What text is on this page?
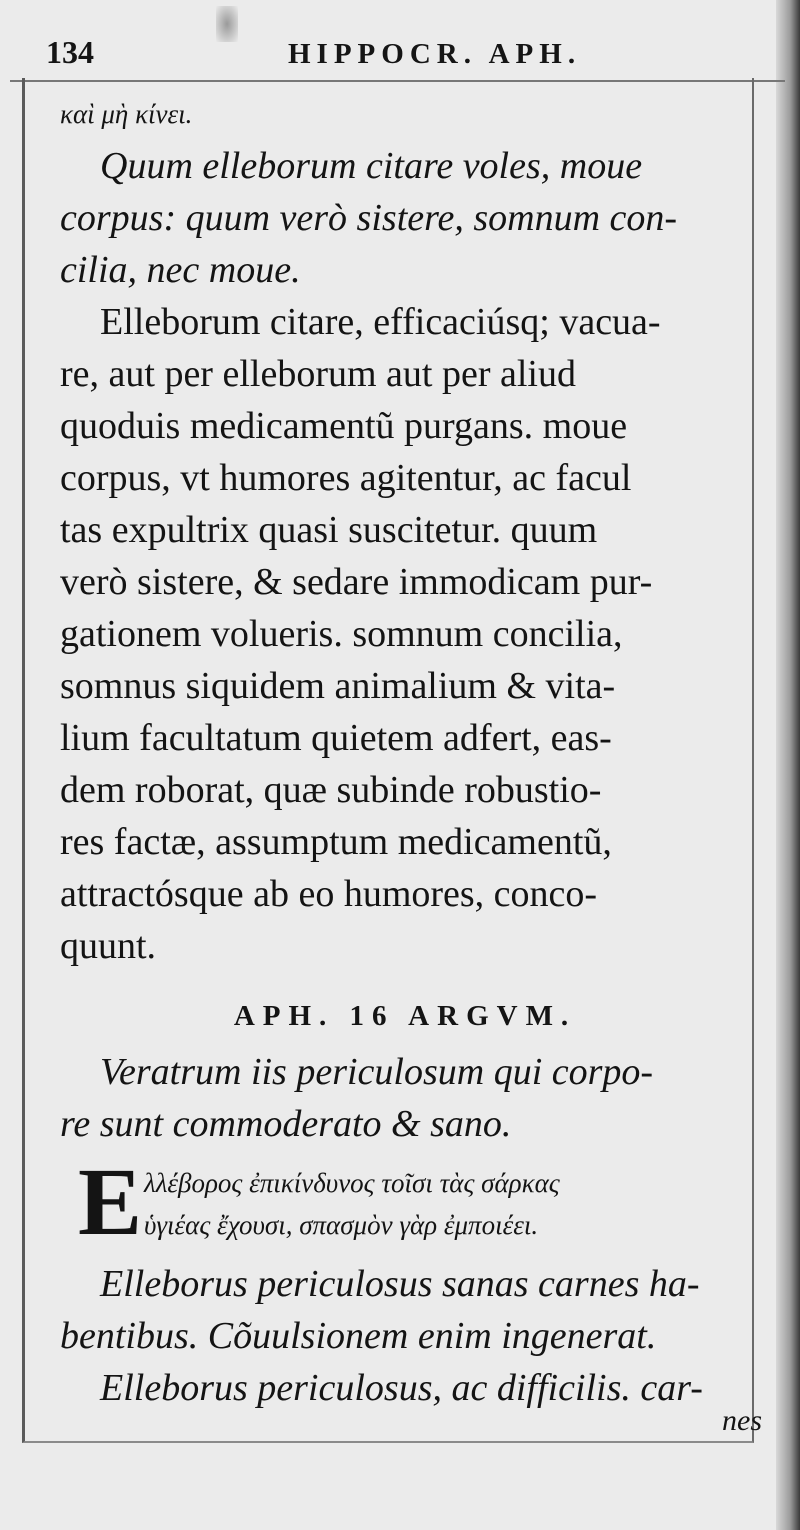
134	HIPPOCR. APH.
καὶ μὴ κίνει.
Quum elleborum citare voles, moue
corpus: quum verò sistere, somnum con-
cilia, nec moue.
Elleborum citare, efficaciúsq; vacua-
re, aut per elleborum aut per aliud
quoduis medicamentũ purgans. moue
corpus, vt humores agitentur, ac facul
tas expultrix quasi suscitetur. quum
verò sistere, & sedare immodicam pur-
gationem volueris. somnum concilia,
somnus siquidem animalium & vita-
lium facultatum quietem adfert, eas-
dem roborat, quæ subinde robustio-
res factæ, assumptum medicamentũ,
attractósque ab eo humores, conco-
quunt.
APH. 16 ARGVM.
Veratrum iis periculosum qui corpo-
re sunt commoderato & sano.
E λλέβορος ἐπικίνδυνος τοῖσι τὰς σάρκας
ὑγιέας ἔχουσι, σπασμὸν γὰρ ἐμποιέει.
Elleborus periculosus sanas carnes ha-
bentibus. Cõuulsionem enim ingenerat.
Elleborus periculosus, ac difficilis. car-
nes
